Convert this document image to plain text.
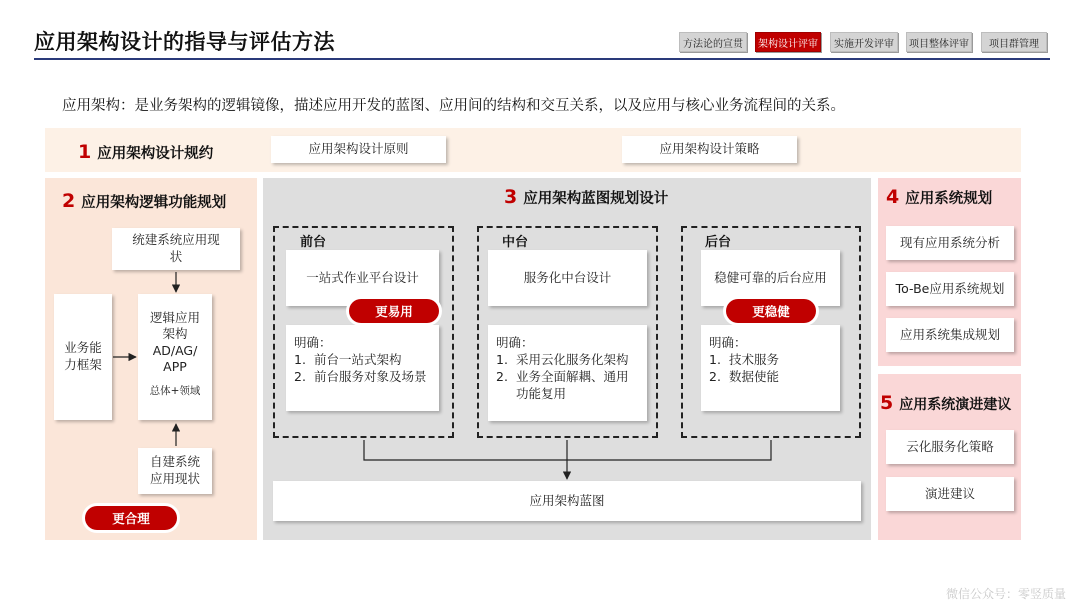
应用架构设计的指导与评估方法	方法论的宣贯	架构设计评审	实施开发评审	项目整体评审	项目群管理
应用架构：是业务架构的逻辑镜像，描述应用开发的蓝图、应用间的结构和交互关系，以及应用与核心业务流程间的关系。
1 应用架构设计规约	应用架构设计原则	应用架构设计策略
2 应用架构逻辑功能规划
统建系统应用现状
业务能力框架
逻辑应用
架构
AD/AG/
APP
总体+领域
自建系统应用现状
更合理
3 应用架构蓝图规划设计
前台
一站式作业平台设计
明确：
1. 前台一站式架构
2. 前台服务对象及场景
更易用
中台
服务化中台设计
明确：
1. 采用云化服务化架构
2. 业务全面解耦、通用功能复用
后台
稳健可靠的后台应用
明确：
1. 技术服务
2. 数据使能
更稳健
应用架构蓝图
4 应用系统规划
现有应用系统分析
To-Be应用系统规划
应用系统集成规划
5 应用系统演进建议
云化服务化策略
演进建议
微信公众号：零竖质量
